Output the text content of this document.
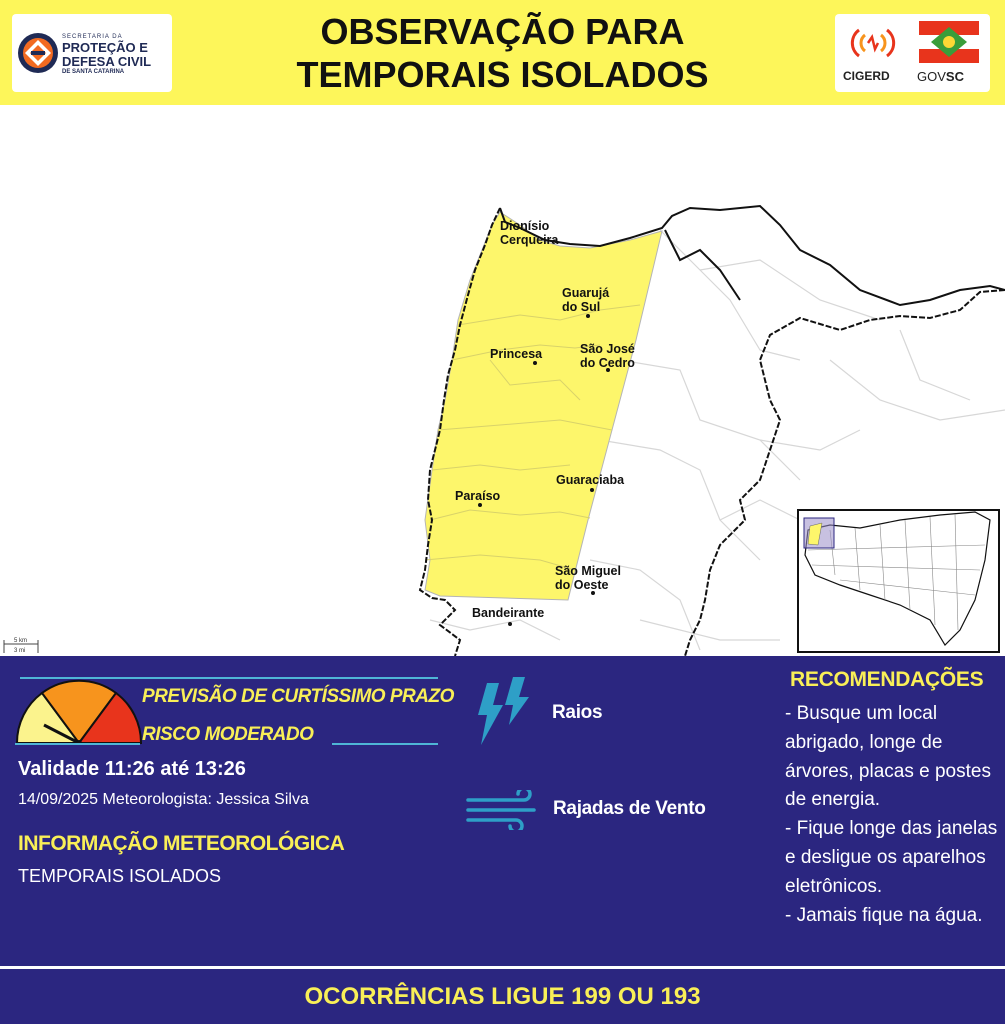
SECRETARIA DA
PROTEÇÃO E
DEFESA CIVIL
DE SANTA CATARINA
OBSERVAÇÃO PARA
TEMPORAIS ISOLADOS	CIGERD GOVSC
Dionísio Cerqueira
Guarujá do Sul
Princesa	São José do Cedro
Guaraciaba
Paraíso
São Miguel do Oeste
Bandeirante
5 km
3 mi
PREVISÃO DE CURTÍSSIMO PRAZO
RISCO MODERADO
Validade 11:26 até 13:26
14/09/2025 Meteorologista: Jessica Silva
INFORMAÇÃO METEOROLÓGICA
TEMPORAIS ISOLADOS
Raios
Rajadas de Vento
RECOMENDAÇÕES
- Busque um local abrigado, longe de árvores, placas e postes de energia.
- Fique longe das janelas e desligue os aparelhos eletrônicos.
- Jamais fique na água.
OCORRÊNCIAS LIGUE 199 OU 193
